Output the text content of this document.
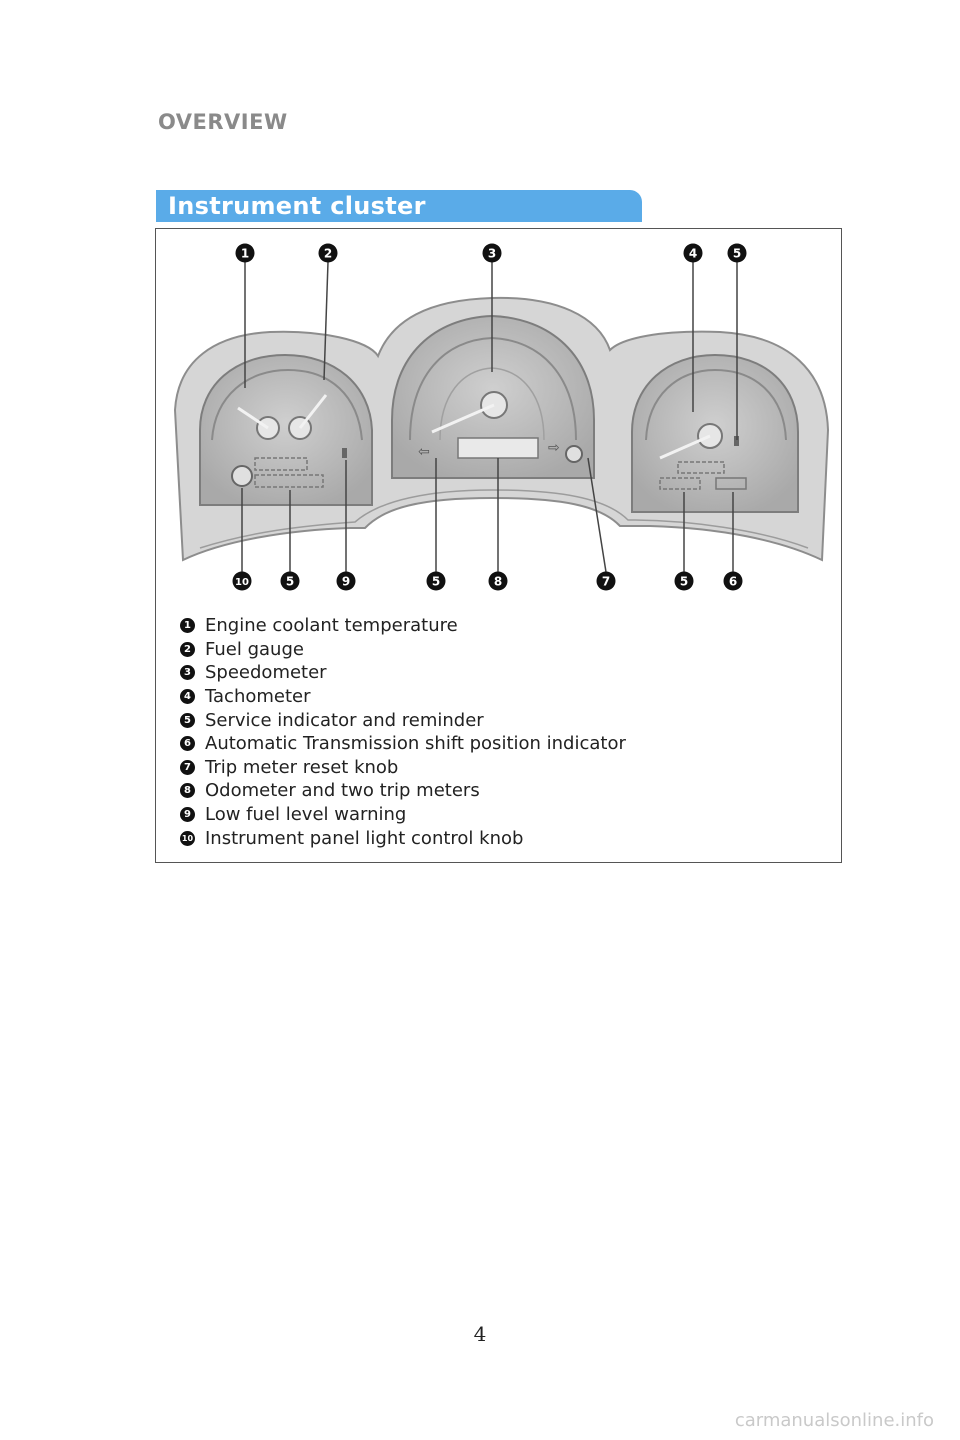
OVERVIEW
Instrument cluster
⇦	⇨
1	2	3	4	5
10	5	9	5	8	7	5	6
1 Engine coolant temperature
2 Fuel gauge
3 Speedometer
4 Tachometer
5 Service indicator and reminder
6 Automatic Transmission shift position indicator
7 Trip meter reset knob
8 Odometer and two trip meters
9 Low fuel level warning
10 Instrument panel light control knob
4
carmanualsonline.info
